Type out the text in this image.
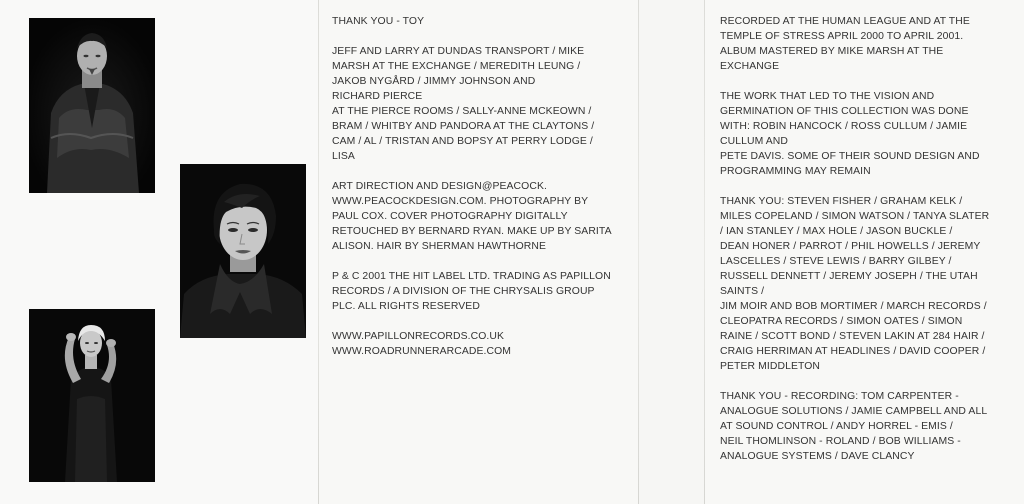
THANK YOU - TOY

JEFF AND LARRY AT DUNDAS TRANSPORT / MIKE
MARSH AT THE EXCHANGE / MEREDITH LEUNG /
JAKOB NYGÅRD / JIMMY JOHNSON AND
RICHARD PIERCE
AT THE PIERCE ROOMS / SALLY-ANNE MCKEOWN /
BRAM / WHITBY AND PANDORA AT THE CLAYTONS /
CAM / AL / TRISTAN AND BOPSY AT PERRY LODGE /
LISA

ART DIRECTION AND DESIGN@PEACOCK.
WWW.PEACOCKDESIGN.COM. PHOTOGRAPHY BY
PAUL COX. COVER PHOTOGRAPHY DIGITALLY
RETOUCHED BY BERNARD RYAN. MAKE UP BY SARITA
ALISON. HAIR BY SHERMAN HAWTHORNE

P & C 2001 THE HIT LABEL LTD. TRADING AS PAPILLON
RECORDS / A DIVISION OF THE CHRYSALIS GROUP
PLC. ALL RIGHTS RESERVED

WWW.PAPILLONRECORDS.CO.UK
WWW.ROADRUNNERARCADE.COM

RECORDED AT THE HUMAN LEAGUE AND AT THE
TEMPLE OF STRESS APRIL 2000 TO APRIL 2001.
ALBUM MASTERED BY MIKE MARSH AT THE
EXCHANGE

THE WORK THAT LED TO THE VISION AND
GERMINATION OF THIS COLLECTION WAS DONE
WITH: ROBIN HANCOCK / ROSS CULLUM / JAMIE
CULLUM AND
PETE DAVIS. SOME OF THEIR SOUND DESIGN AND
PROGRAMMING MAY REMAIN

THANK YOU: STEVEN FISHER / GRAHAM KELK /
MILES COPELAND / SIMON WATSON / TANYA SLATER
/ IAN STANLEY / MAX HOLE / JASON BUCKLE /
DEAN HONER / PARROT / PHIL HOWELLS / JEREMY
LASCELLES / STEVE LEWIS / BARRY GILBEY /
RUSSELL DENNETT / JEREMY JOSEPH / THE UTAH
SAINTS /
JIM MOIR AND BOB MORTIMER / MARCH RECORDS /
CLEOPATRA RECORDS / SIMON OATES / SIMON
RAINE / SCOTT BOND / STEVEN LAKIN AT 284 HAIR /
CRAIG HERRIMAN AT HEADLINES / DAVID COOPER /
PETER MIDDLETON

THANK YOU - RECORDING: TOM CARPENTER -
ANALOGUE SOLUTIONS / JAMIE CAMPBELL AND ALL
AT SOUND CONTROL / ANDY HORREL - EMIS /
NEIL THOMLINSON - ROLAND / BOB WILLIAMS -
ANALOGUE SYSTEMS / DAVE CLANCY
